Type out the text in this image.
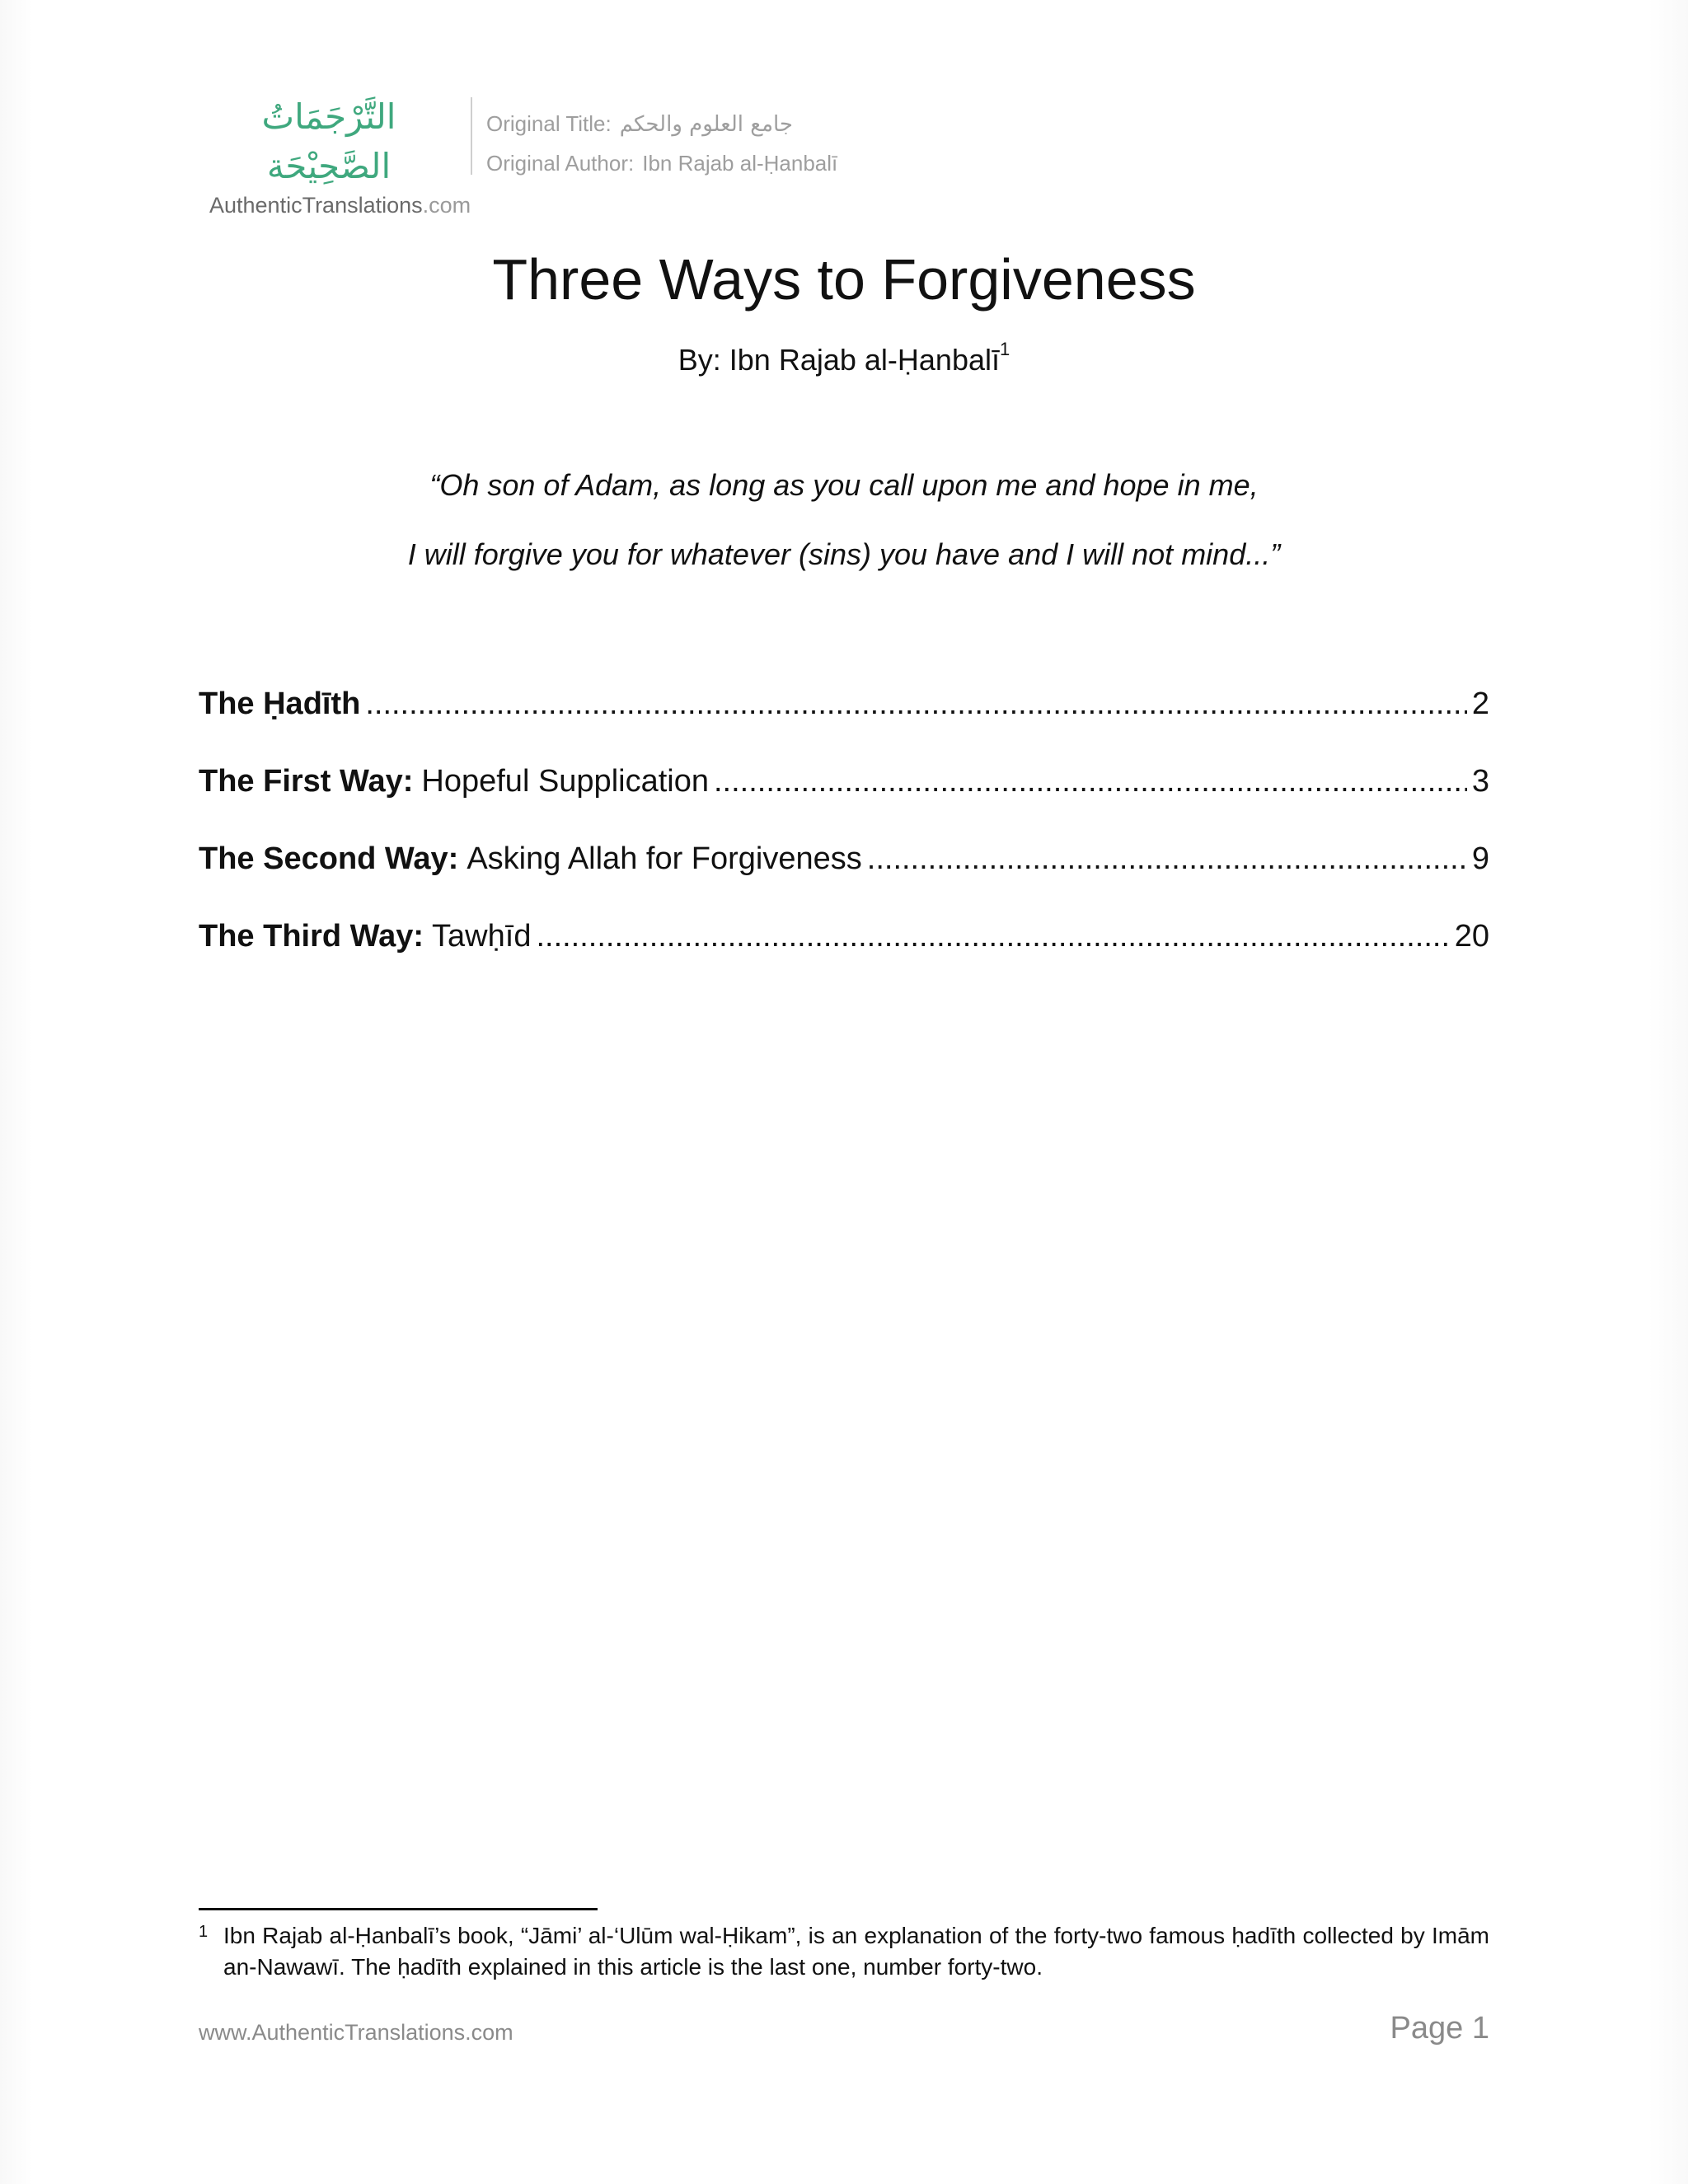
التَّرْجَمَاتُ الصَّحِيْحَة
AuthenticTranslations.com
Original Title: جامع العلوم والحكم
Original Author: Ibn Rajab al-Ḥanbalī
Three Ways to Forgiveness
By: Ibn Rajab al-Ḥanbalī$^1$
“Oh son of Adam, as long as you call upon me and hope in me,
I will forgive you for whatever (sins) you have and I will not mind...”
The Ḥadīth .....	2
The First Way: Hopeful Supplication .....	3
The Second Way: Asking Allah for Forgiveness .....	9
The Third Way: Tawḥīd .....	20
1 Ibn Rajab al-Ḥanbalī’s book, “Jāmi’ al-‘Ulūm wal-Ḥikam”, is an explanation of the forty-two famous ḥadīth collected by Imām an-Nawawī. The ḥadīth explained in this article is the last one, number forty-two.
www.AuthenticTranslations.com	Page 1
